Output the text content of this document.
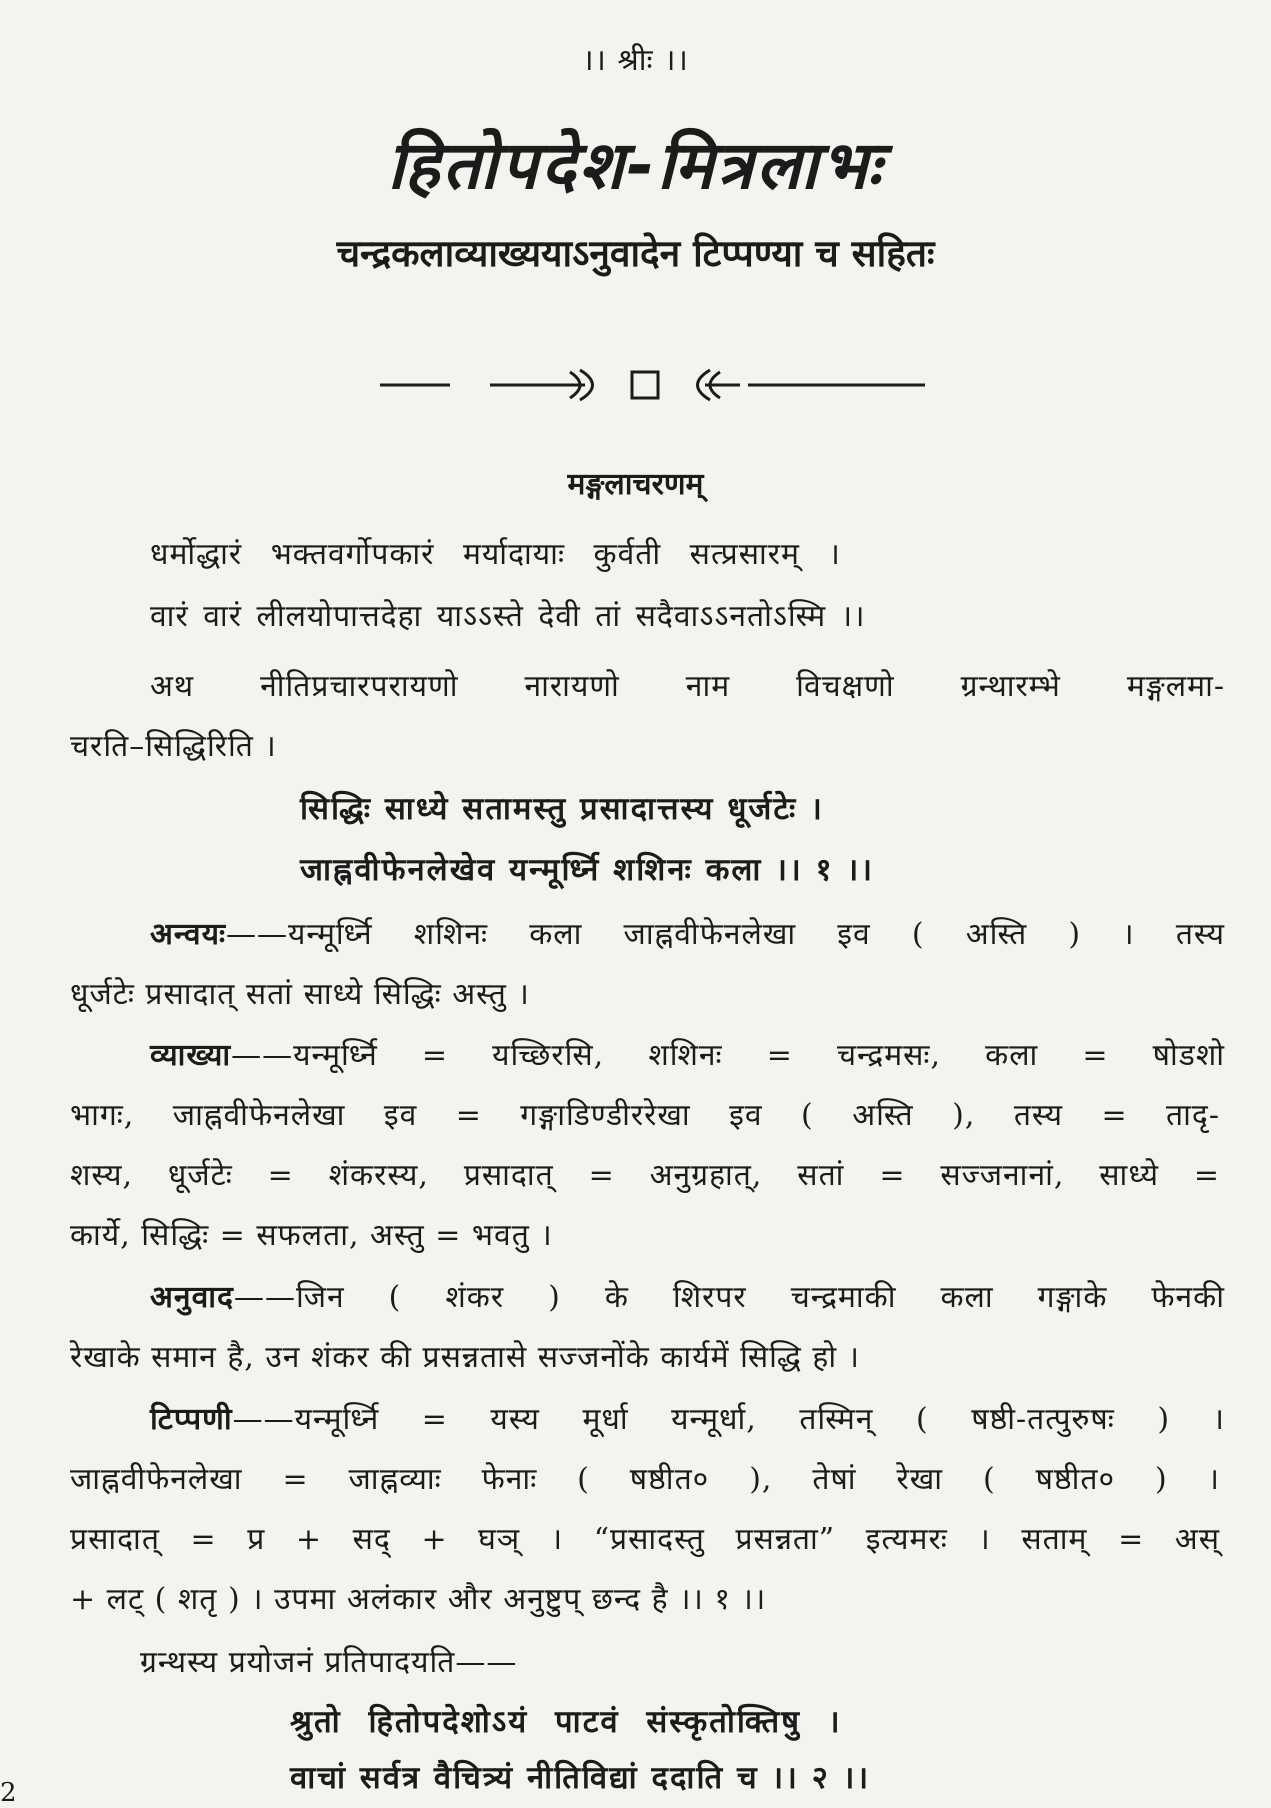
।। श्रीः ।।
हितोपदेश-मित्रलाभः
चन्द्रकलाव्याख्ययाऽनुवादेन टिप्पण्या च सहितः
मङ्गलाचरणम्
धर्मोद्धारं भक्तवर्गोपकारं मर्यादायाः कुर्वती सत्प्रसारम् ।
वारं वारं लीलयोपात्तदेहा याऽऽस्ते देवी तां सदैवाऽऽनतोऽस्मि ।।
अथ नीतिप्रचारपरायणो नारायणो नाम विचक्षणो ग्रन्थारम्भे मङ्गलमा-
चरति–सिद्धिरिति ।
सिद्धिः साध्ये सतामस्तु प्रसादात्तस्य धूर्जटेः ।
जाह्नवीफेनलेखेव यन्मूर्ध्नि शशिनः कला ।। १ ।।
अन्वयः——यन्मूर्ध्नि शशिनः कला जाह्नवीफेनलेखा इव ( अस्ति ) । तस्य
धूर्जटेः प्रसादात् सतां साध्ये सिद्धिः अस्तु ।
व्याख्या——यन्मूर्ध्नि = यच्छिरसि, शशिनः = चन्द्रमसः, कला = षोडशो
भागः, जाह्नवीफेनलेखा इव = गङ्गाडिण्डीररेखा इव ( अस्ति ), तस्य = तादृ-
शस्य, धूर्जटेः = शंकरस्य, प्रसादात् = अनुग्रहात्, सतां = सज्जनानां, साध्ये =
कार्ये, सिद्धिः = सफलता, अस्तु = भवतु ।
अनुवाद——जिन ( शंकर ) के शिरपर चन्द्रमाकी कला गङ्गाके फेनकी
रेखाके समान है, उन शंकर की प्रसन्नतासे सज्जनोंके कार्यमें सिद्धि हो ।
टिप्पणी——यन्मूर्ध्नि = यस्य मूर्धा यन्मूर्धा, तस्मिन् ( षष्ठी-तत्पुरुषः ) ।
जाह्नवीफेनलेखा = जाह्नव्याः फेनाः ( षष्ठीत० ), तेषां रेखा ( षष्ठीत० ) ।
प्रसादात् = प्र + सद् + घञ् । “प्रसादस्तु प्रसन्नता” इत्यमरः । सताम् = अस्
+ लट् ( शतृ ) । उपमा अलंकार और अनुष्टुप् छन्द है ।। १ ।।
ग्रन्थस्य प्रयोजनं प्रतिपादयति——
श्रुतो हितोपदेशोऽयं पाटवं संस्कृतोक्तिषु ।
वाचां सर्वत्र वैचित्र्यं नीतिविद्यां ददाति च ।। २ ।।
2
